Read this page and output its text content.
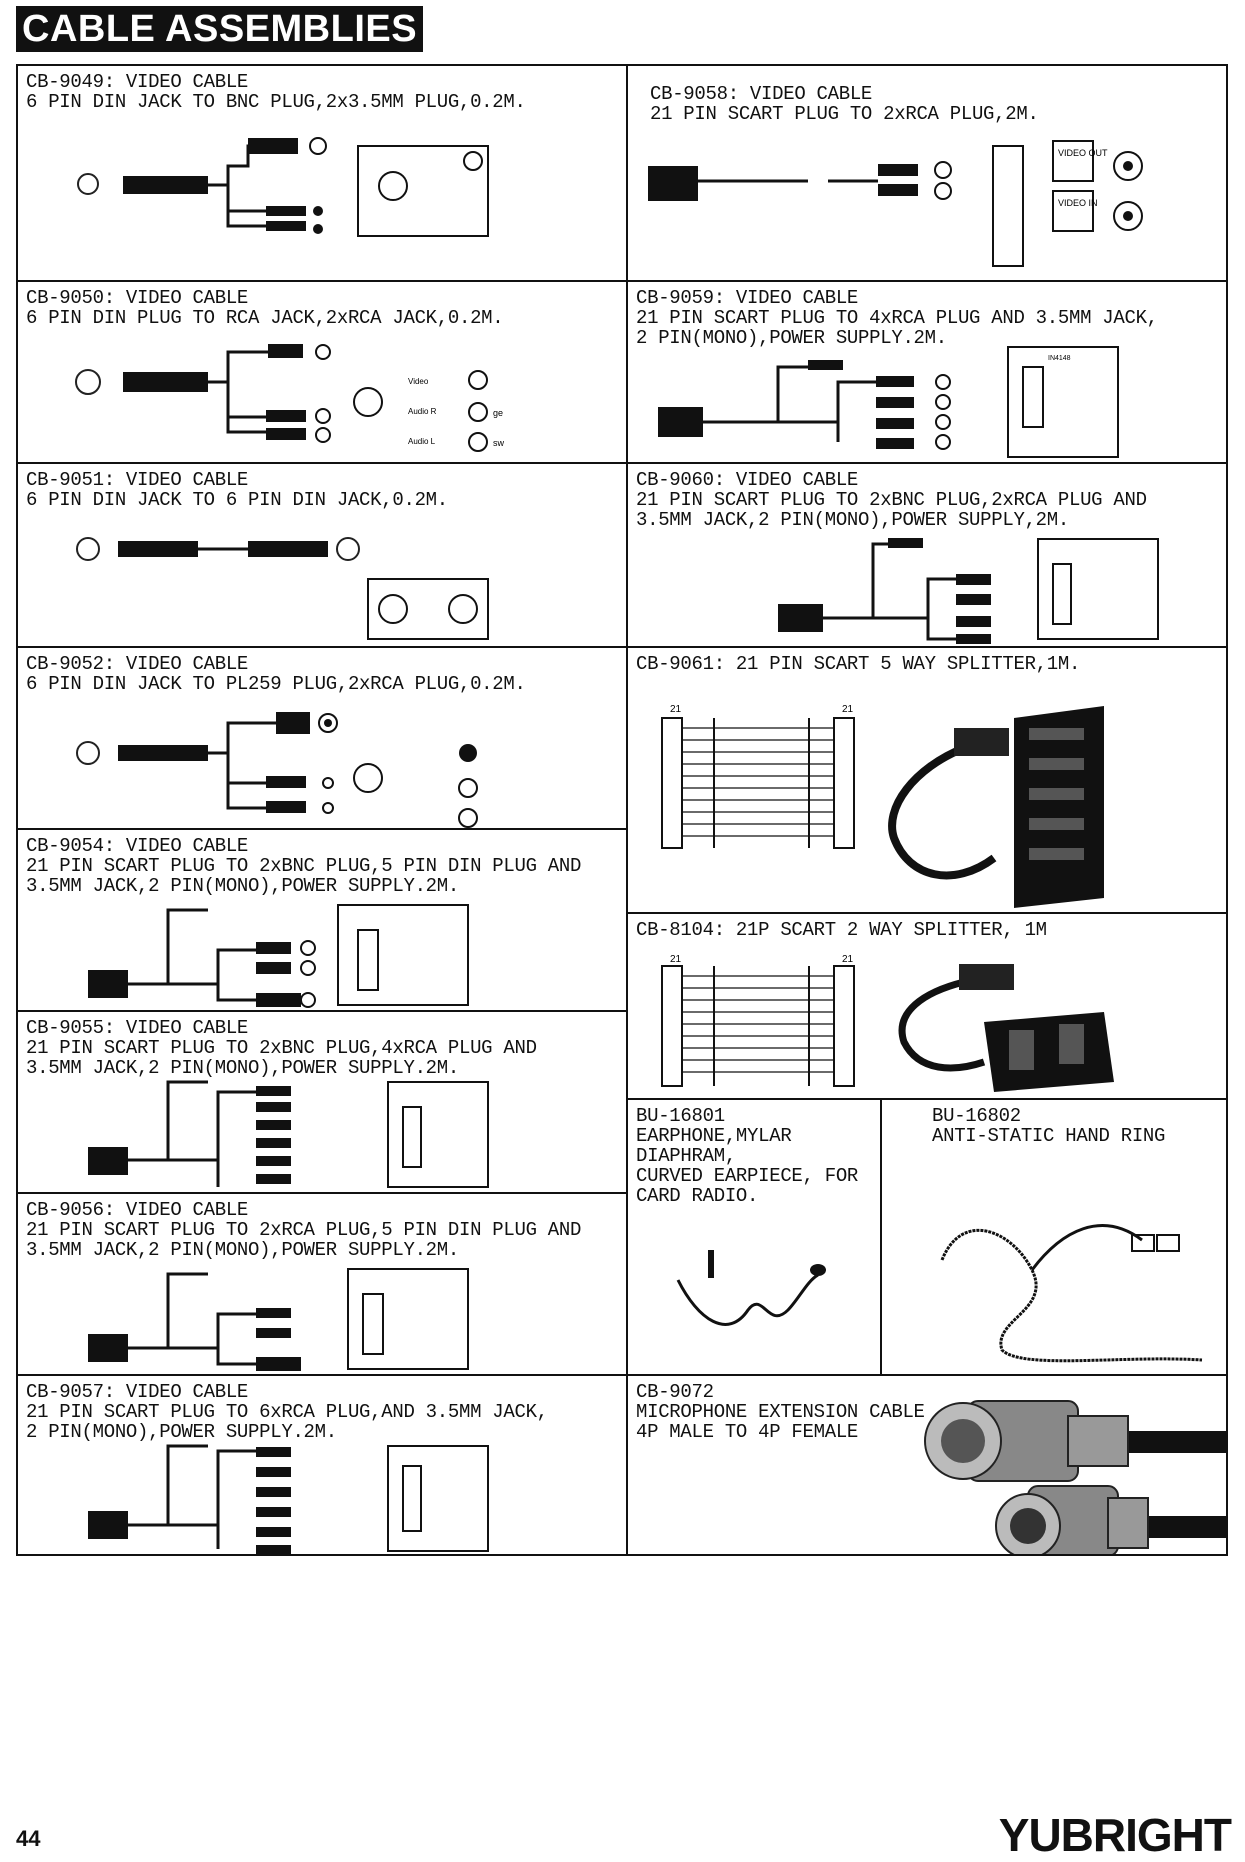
CABLE ASSEMBLIES
CB-9049: VIDEO CABLE
6 PIN DIN JACK TO BNC PLUG,2x3.5MM PLUG,0.2M.
CB-9050: VIDEO CABLE
6 PIN DIN PLUG TO RCA JACK,2xRCA JACK,0.2M.
Video
Audio R
Audio L
ge
sw
CB-9051: VIDEO CABLE
6 PIN DIN JACK TO 6 PIN DIN JACK,0.2M.
CB-9052: VIDEO CABLE
6 PIN DIN JACK TO PL259 PLUG,2xRCA PLUG,0.2M.
CB-9054: VIDEO CABLE
21 PIN SCART PLUG TO 2xBNC PLUG,5 PIN DIN PLUG AND
3.5MM JACK,2 PIN(MONO),POWER SUPPLY.2M.
CB-9055: VIDEO CABLE
21 PIN SCART PLUG TO 2xBNC PLUG,4xRCA PLUG AND
3.5MM JACK,2 PIN(MONO),POWER SUPPLY.2M.
CB-9056: VIDEO CABLE
21 PIN SCART PLUG TO 2xRCA PLUG,5 PIN DIN PLUG AND
3.5MM JACK,2 PIN(MONO),POWER SUPPLY.2M.
CB-9057: VIDEO CABLE
21 PIN SCART PLUG TO 6xRCA PLUG,AND 3.5MM JACK,
2 PIN(MONO),POWER SUPPLY.2M.
CB-9058: VIDEO CABLE
21 PIN SCART PLUG TO 2xRCA PLUG,2M.
VIDEO OUT
VIDEO IN
CB-9059: VIDEO CABLE
21 PIN SCART PLUG TO 4xRCA PLUG AND 3.5MM JACK,
2 PIN(MONO),POWER SUPPLY.2M.
IN4148
CB-9060: VIDEO CABLE
21 PIN SCART PLUG TO 2xBNC PLUG,2xRCA PLUG AND
3.5MM JACK,2 PIN(MONO),POWER SUPPLY,2M.
CB-9061: 21 PIN SCART 5 WAY SPLITTER,1M.
21	21
CB-8104: 21P SCART 2 WAY SPLITTER, 1M
21	21
BU-16801
EARPHONE,MYLAR DIAPHRAM,
CURVED EARPIECE, FOR
CARD RADIO.
BU-16802
ANTI-STATIC HAND RING
CB-9072
MICROPHONE EXTENSION CABLE
4P MALE TO 4P FEMALE
44	YUBRIGHT
